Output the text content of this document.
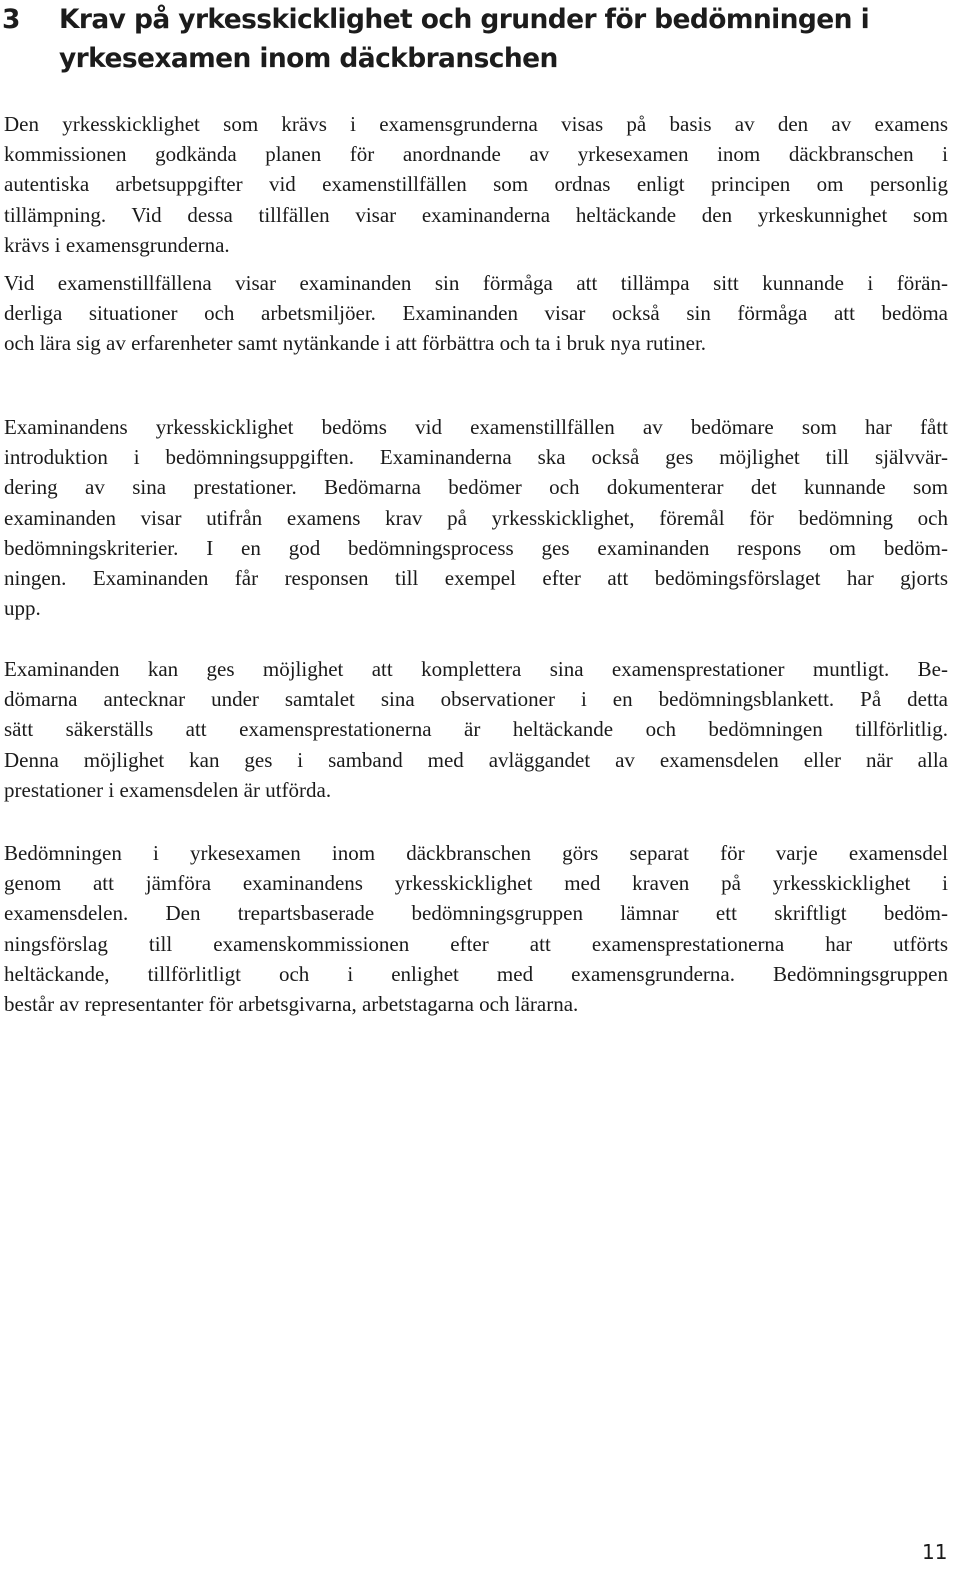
3 Krav på yrkesskicklighet och grunder för bedömningen i
yrkesexamen inom däckbranschen
Den yrkesskicklighet som krävs i examensgrunderna visas på basis av den av examens
kommissionen godkända planen för anordnande av yrkesexamen inom däckbranschen i
autentiska arbetsuppgifter vid examenstillfällen som ordnas enligt principen om personlig
tillämpning. Vid dessa tillfällen visar examinanderna heltäckande den yrkeskunnighet som
krävs i examensgrunderna.
Vid examenstillfällena visar examinanden sin förmåga att tillämpa sitt kunnande i förän-
derliga situationer och arbetsmiljöer. Examinanden visar också sin förmåga att bedöma
och lära sig av erfarenheter samt nytänkande i att förbättra och ta i bruk nya rutiner.
Examinandens yrkesskicklighet bedöms vid examenstillfällen av bedömare som har fått
introduktion i bedömningsuppgiften. Examinanderna ska också ges möjlighet till självvär-
dering av sina prestationer. Bedömarna bedömer och dokumenterar det kunnande som
examinanden visar utifrån examens krav på yrkesskicklighet, föremål för bedömning och
bedömningskriterier. I en god bedömningsprocess ges examinanden respons om bedöm-
ningen. Examinanden får responsen till exempel efter att bedömingsförslaget har gjorts
upp.
Examinanden kan ges möjlighet att komplettera sina examensprestationer muntligt. Be-
dömarna antecknar under samtalet sina observationer i en bedömningsblankett. På detta
sätt säkerställs att examensprestationerna är heltäckande och bedömningen tillförlitlig.
Denna möjlighet kan ges i samband med avläggandet av examensdelen eller när alla
prestationer i examensdelen är utförda.
Bedömningen i yrkesexamen inom däckbranschen görs separat för varje examensdel
genom att jämföra examinandens yrkesskicklighet med kraven på yrkesskicklighet i
examensdelen. Den trepartsbaserade bedömningsgruppen lämnar ett skriftligt bedöm-
ningsförslag till examenskommissionen efter att examensprestationerna har utförts
heltäckande, tillförlitligt och i enlighet med examensgrunderna. Bedömningsgruppen
består av representanter för arbetsgivarna, arbetstagarna och lärarna.
11
